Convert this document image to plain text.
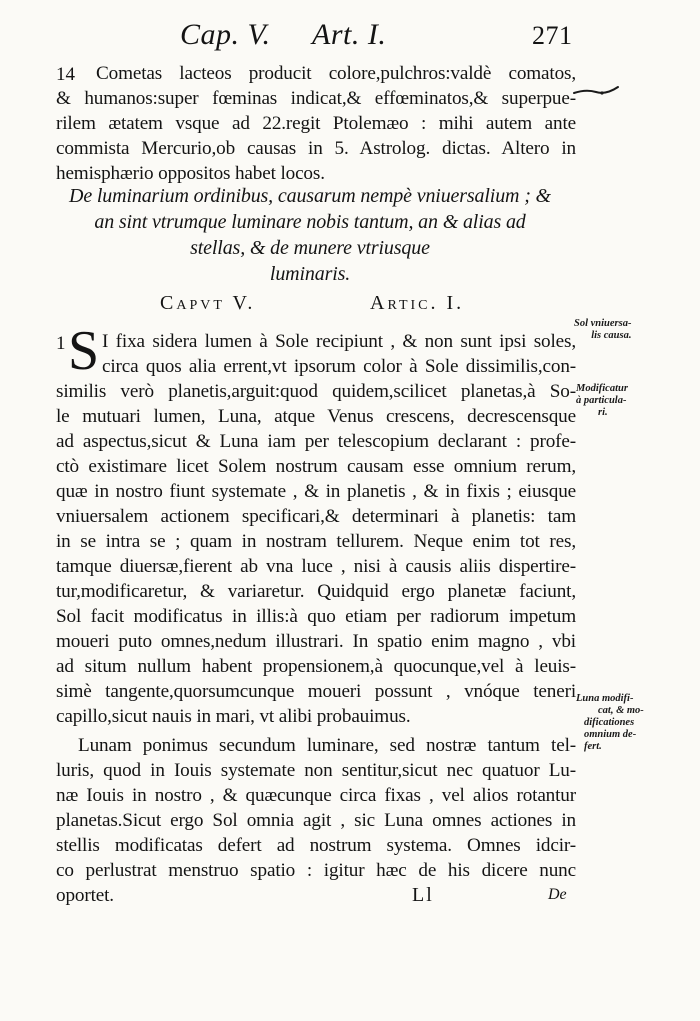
Cap. V. Art. I.	271
14 Cometas lacteos producit colore,pulchros:valdè comatos,
& humanos:super fœminas indicat,& effœminatos,& superpue-
rilem ætatem vsque ad 22.regit Ptolemæo : mihi autem ante
commista Mercurio,ob causas in 5. Astrolog. dictas. Altero in
hemisphærio oppositos habet locos.
De luminarium ordinibus, causarum nempè vniuersalium ; &
an sint vtrumque luminare nobis tantum, an & alias ad
stellas, & de munere vtriusque
luminaris.
Capvt V.	Artic. I.
1 S I fixa sidera lumen à Sole recipiunt , & non sunt ipsi soles,
circa quos alia errent,vt ipsorum color à Sole dissimilis,con-
similis verò planetis,arguit:quod quidem,scilicet planetas,à So-
le mutuari lumen, Luna, atque Venus crescens, decrescensque
ad aspectus,sicut & Luna iam per telescopium declarant : profe-
ctò existimare licet Solem nostrum causam esse omnium rerum,
quæ in nostro fiunt systemate , & in planetis , & in fixis ; eiusque
vniuersalem actionem specificari,& determinari à planetis: tam
in se intra se ; quam in nostram tellurem. Neque enim tot res,
tamque diuersæ,fierent ab vna luce , nisi à causis aliis dispertire-
tur,modificaretur, & variaretur. Quidquid ergo planetæ faciunt,
Sol facit modificatus in illis:à quo etiam per radiorum impetum
moueri puto omnes,nedum illustrari. In spatio enim magno , vbi
ad situm nullum habent propensionem,à quocunque,vel à leuis-
simè tangente,quorsumcunque moueri possunt , vnóque teneri
capillo,sicut nauis in mari, vt alibi probauimus.
Lunam ponimus secundum luminare, sed nostræ tantum tel-
luris, quod in Iouis systemate non sentitur,sicut nec quatuor Lu-
næ Iouis in nostro , & quæcunque circa fixas , vel alios rotantur
planetas.Sicut ergo Sol omnia agit , sic Luna omnes actiones in
stellis modificatas defert ad nostrum systema. Omnes idcir-
co perlustrat menstruo spatio : igitur hæc de his dicere nunc
oportet.
Sol vniuersa-
lis causa.
Modificatur
à particula-
ri.
Luna modifi-
cat, & mo-
dificationes
omnium de-
fert.
Ll	De
